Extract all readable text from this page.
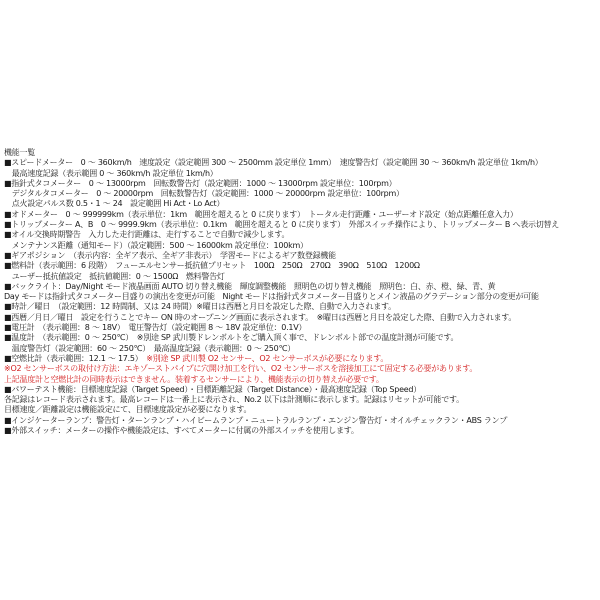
機能一覧
■スピードメーター　0 〜 360km/h　速度設定（設定範囲 300 〜 2500mm 設定単位 1mm）　速度警告灯（設定範囲 30 〜 360km/h 設定単位 1km/h）
　最高速度記録（表示範囲 0 〜 360km/h 設定単位 1km/h）
■指針式タコメーター　0 〜 13000rpm　回転数警告灯（設定範囲：1000 〜 13000rpm 設定単位：100rpm）
　デジタルタコメーター　0 〜 20000rpm　回転数警告灯（設定範囲：1000 〜 20000rpm 設定単位：100rpm）
　点火設定パルス数 0.5・1 〜 24　設定範囲 Hi Act・Lo Act）
■オドメーター　0 〜 999999km（表示単位：1km　範囲を超えると 0 に戻ります）　トータル走行距離・ユーザーオド設定（始点距離任意入力）
■トリップメーター A、B　0 〜 9999.9km（表示単位：0.1km　範囲を超えると 0 に戻ります）　外部スイッチ操作により、トリップメーター B へ表示切替え
■オイル交換時期警告　入力した走行距離は、走行することで自動で減少します。
　メンテナンス距離（通知モード）（設定範囲：500 〜 16000km 設定単位：100km）
■ギアポジション　（表示内容：全ギア表示、全ギア非表示）　学習モードによるギア数登録機能
■燃料計（表示範囲：6 段階）　フューエルセンサー抵抗値プリセット　100Ω　250Ω　270Ω　390Ω　510Ω　1200Ω
　ユーザー抵抗値設定　抵抗値範囲：0 〜 1500Ω　燃料警告灯
■バックライト：Day/Night モード液晶画面 AUTO 切り替え機能　輝度調整機能　照明色の切り替え機能　照明色：白、赤、橙、緑、青、黄
Day モードは指針式タコメーター目盛りの演出を変更が可能　Night モードは指針式タコメーター目盛りとメイン液晶のグラデーション部分の変更が可能
■時計／曜日　（設定範囲：12 時間制、又は 24 時間）※曜日は西暦と月日を設定した際、自動で入力されます。
■西暦／月日／曜日　設定を行うことでキー ON 時のオープニング画面に表示されます。　※曜日は西暦と月日を設定した際、自動で入力されます。
■電圧計　（表示範囲：8 〜 18V）　電圧警告灯（設定範囲 8 〜 18V 設定単位：0.1V）
■温度計　（表示範囲：0 〜 250℃）　※別途 SP 武川製ドレンボルトをご購入頂く事で、ドレンボルト部での温度計測が可能です。
　温度警告灯（設定範囲：60 〜 250℃）　最高温度記録（表示範囲：0 〜 250℃）
■空燃比計（表示範囲：12.1 〜 17.5）　※別途 SP 武川製 O2 センサー、O2 センサーボスが必要になります。
※O2 センサーボスの取付け方法：エキゾーストパイプに穴開け加工を行い、O2 センサーボスを溶接加工にて固定する必要があります。
上記温度計と空燃比計の同時表示はできません。装着するセンサーにより、機能表示の切り替えが必要です。
■パワーテスト機能：目標速度記録（Target Speed）・目標距離記録（Target Distance）・最高速度記録（Top Speed）
各記録はレコード表示されます。最高レコードは一番上に表示され、No.2 以下は計測順に表示します。記録はリセットが可能です。
目標速度／距離設定は機能設定にて、目標速度設定が必要になります。
■インジケーターランプ：警告灯・ターンランプ・ハイビームランプ・ニュートラルランプ・エンジン警告灯・オイルチェックラン・ABS ランプ
■外部スイッチ：メーターの操作や機能設定は、すべてメーターに付属の外部スイッチを使用します。
